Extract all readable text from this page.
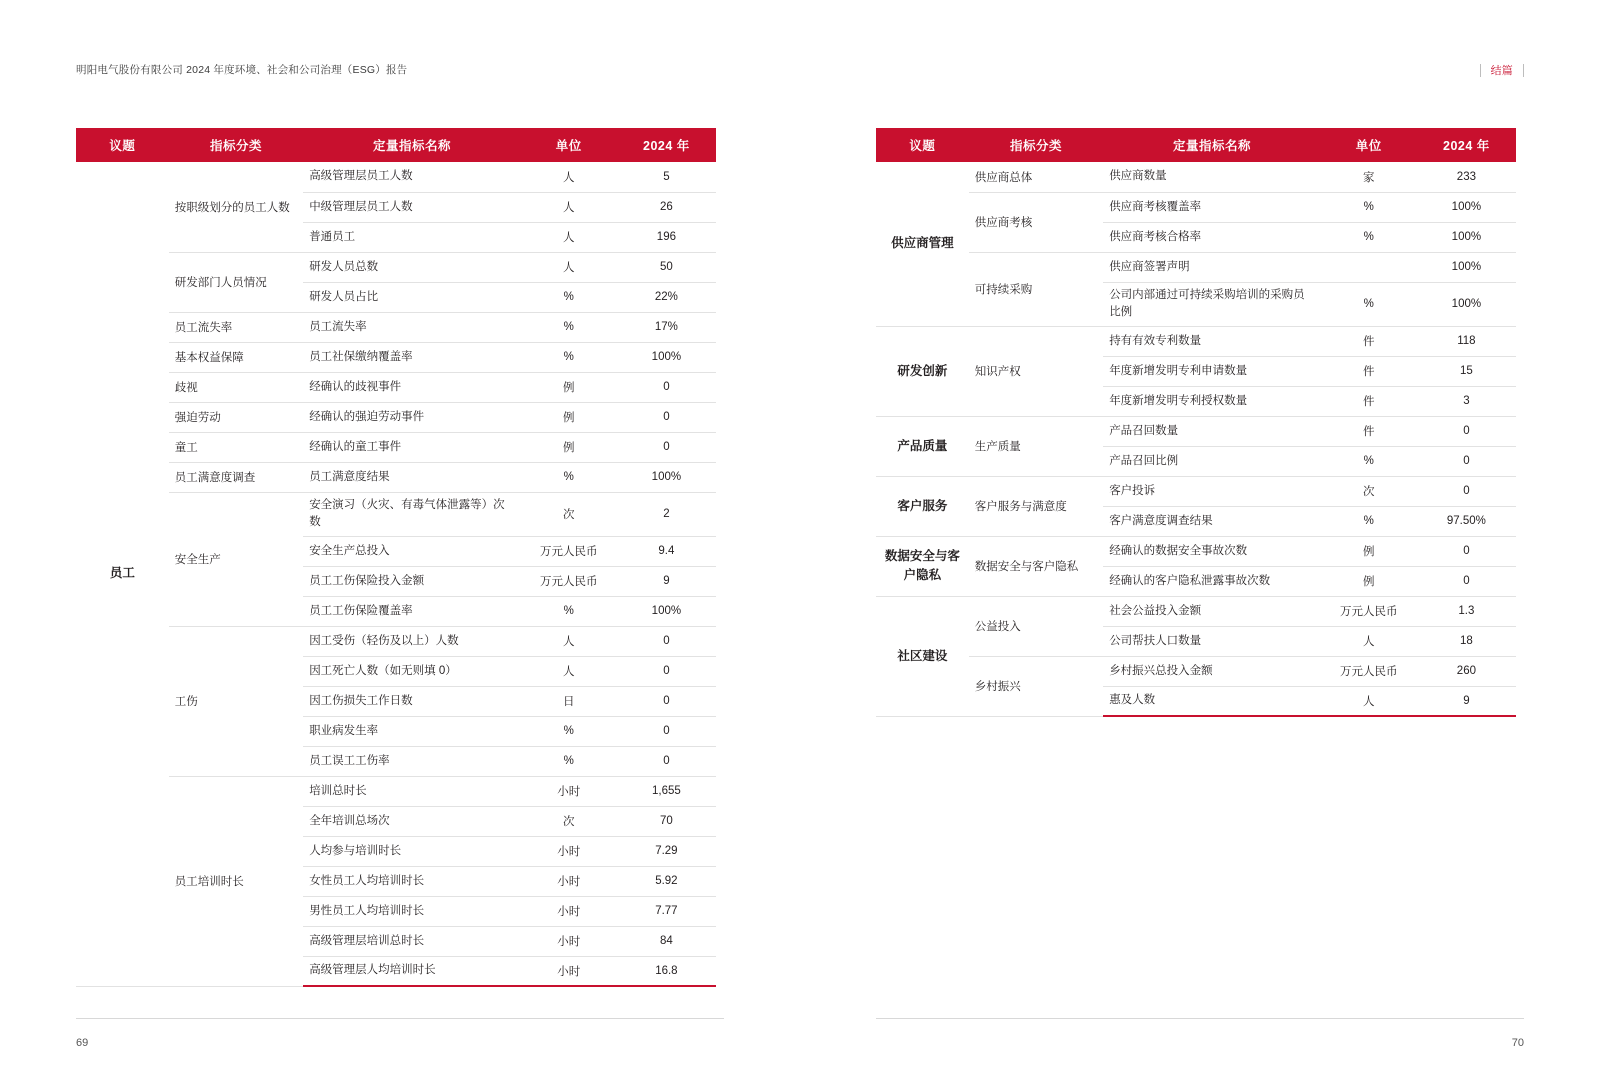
明阳电气股份有限公司 2024 年度环境、社会和公司治理（ESG）报告
议题	指标分类	定量指标名称	单位	2024 年
员工	按职级划分的员工人数	高级管理层员工人数	人	5
		中级管理层员工人数	人	26
		普通员工	人	196
	研发部门人员情况	研发人员总数	人	50
		研发人员占比	%	22%
	员工流失率	员工流失率	%	17%
	基本权益保障	员工社保缴纳覆盖率	%	100%
	歧视	经确认的歧视事件	例	0
	强迫劳动	经确认的强迫劳动事件	例	0
	童工	经确认的童工事件	例	0
	员工满意度调查	员工满意度结果	%	100%
	安全生产	安全演习（火灾、有毒气体泄露等）次数	次	2
		安全生产总投入	万元人民币	9.4
		员工工伤保险投入金额	万元人民币	9
		员工工伤保险覆盖率	%	100%
	工伤	因工受伤（轻伤及以上）人数	人	0
		因工死亡人数（如无则填 0）	人	0
		因工伤损失工作日数	日	0
		职业病发生率	%	0
		员工误工工伤率	%	0
	员工培训时长	培训总时长	小时	1,655
		全年培训总场次	次	70
		人均参与培训时长	小时	7.29
		女性员工人均培训时长	小时	5.92
		男性员工人均培训时长	小时	7.77
		高级管理层培训总时长	小时	84
		高级管理层人均培训时长	小时	16.8
69
结篇
议题	指标分类	定量指标名称	单位	2024 年
供应商管理	供应商总体	供应商数量	家	233
	供应商考核	供应商考核覆盖率	%	100%
		供应商考核合格率	%	100%
	可持续采购	供应商签署声明		100%
		公司内部通过可持续采购培训的采购员比例	%	100%
研发创新	知识产权	持有有效专利数量	件	118
		年度新增发明专利申请数量	件	15
		年度新增发明专利授权数量	件	3
产品质量	生产质量	产品召回数量	件	0
		产品召回比例	%	0
客户服务	客户服务与满意度	客户投诉	次	0
		客户满意度调查结果	%	97.50%
数据安全与客户隐私	数据安全与客户隐私	经确认的数据安全事故次数	例	0
		经确认的客户隐私泄露事故次数	例	0
社区建设	公益投入	社会公益投入金额	万元人民币	1.3
		公司帮扶人口数量	人	18
	乡村振兴	乡村振兴总投入金额	万元人民币	260
		惠及人数	人	9
70
